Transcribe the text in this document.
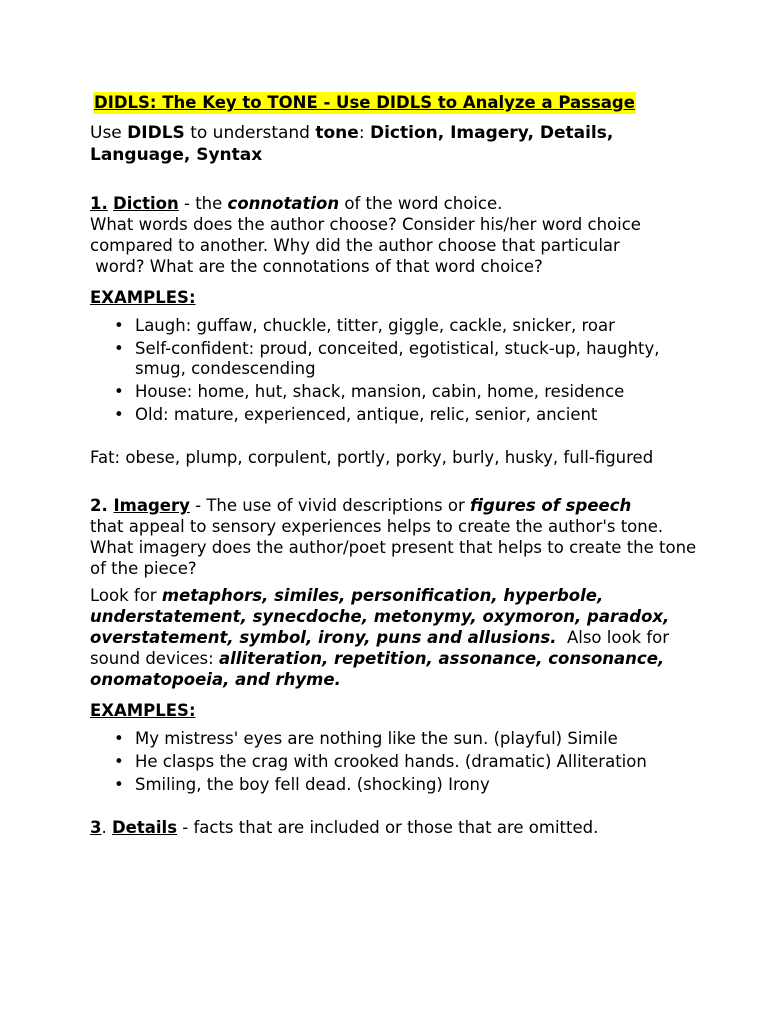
DIDLS: The Key to TONE - Use DIDLS to Analyze a Passage
Use DIDLS to understand tone: Diction, Imagery, Details, Language, Syntax
1. Diction - the connotation of the word choice.
What words does the author choose? Consider his/her word choice
compared to another. Why did the author choose that particular
word? What are the connotations of that word choice?
EXAMPLES:
• Laugh: guffaw, chuckle, titter, giggle, cackle, snicker, roar
• Self-confident: proud, conceited, egotistical, stuck-up, haughty, smug, condescending
• House: home, hut, shack, mansion, cabin, home, residence
• Old: mature, experienced, antique, relic, senior, ancient
Fat: obese, plump, corpulent, portly, porky, burly, husky, full-figured
2. Imagery - The use of vivid descriptions or figures of speech
that appeal to sensory experiences helps to create the author's tone. What imagery does the author/poet present that helps to create the tone of the piece?
Look for metaphors, similes, personification, hyperbole, understatement, synecdoche, metonymy, oxymoron, paradox, overstatement, symbol, irony, puns and allusions.  Also look for sound devices: alliteration, repetition, assonance, consonance, onomatopoeia, and rhyme.
EXAMPLES:
• My mistress' eyes are nothing like the sun. (playful) Simile
• He clasps the crag with crooked hands. (dramatic) Alliteration
• Smiling, the boy fell dead. (shocking) Irony
3. Details - facts that are included or those that are omitted.
